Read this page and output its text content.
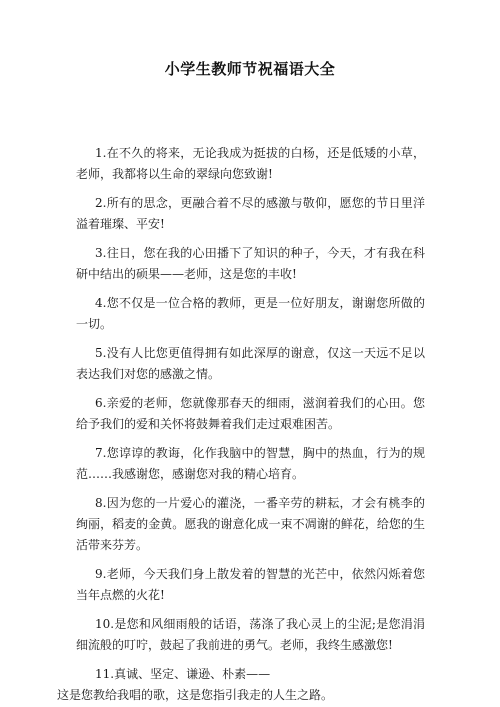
小学生教师节祝福语大全

1.在不久的将来，无论我成为挺拔的白杨，还是低矮的小草，老师，我都将以生命的翠绿向您致谢!

2.所有的思念，更融合着不尽的感激与敬仰，愿您的节日里洋溢着璀璨、平安!

3.往日，您在我的心田播下了知识的种子，今天，才有我在科研中结出的硕果——老师，这是您的丰收!

4.您不仅是一位合格的教师，更是一位好朋友，谢谢您所做的一切。

5.没有人比您更值得拥有如此深厚的谢意，仅这一天远不足以表达我们对您的感激之情。

6.亲爱的老师，您就像那春天的细雨，滋润着我们的心田。您给予我们的爱和关怀将鼓舞着我们走过艰难困苦。

7.您谆谆的教诲，化作我脑中的智慧，胸中的热血，行为的规范……我感谢您，感谢您对我的精心培育。

8.因为您的一片爱心的灌浇，一番辛劳的耕耘，才会有桃李的绚丽，稻麦的金黄。愿我的谢意化成一束不凋谢的鲜花，给您的生活带来芬芳。

9.老师，今天我们身上散发着的智慧的光芒中，依然闪烁着您当年点燃的火花!

10.是您和风细雨般的话语，荡涤了我心灵上的尘泥;是您涓涓细流般的叮咛，鼓起了我前进的勇气。老师，我终生感激您!

11.真诚、坚定、谦逊、朴素——
这是您教给我唱的歌，这是您指引我走的人生之路。
